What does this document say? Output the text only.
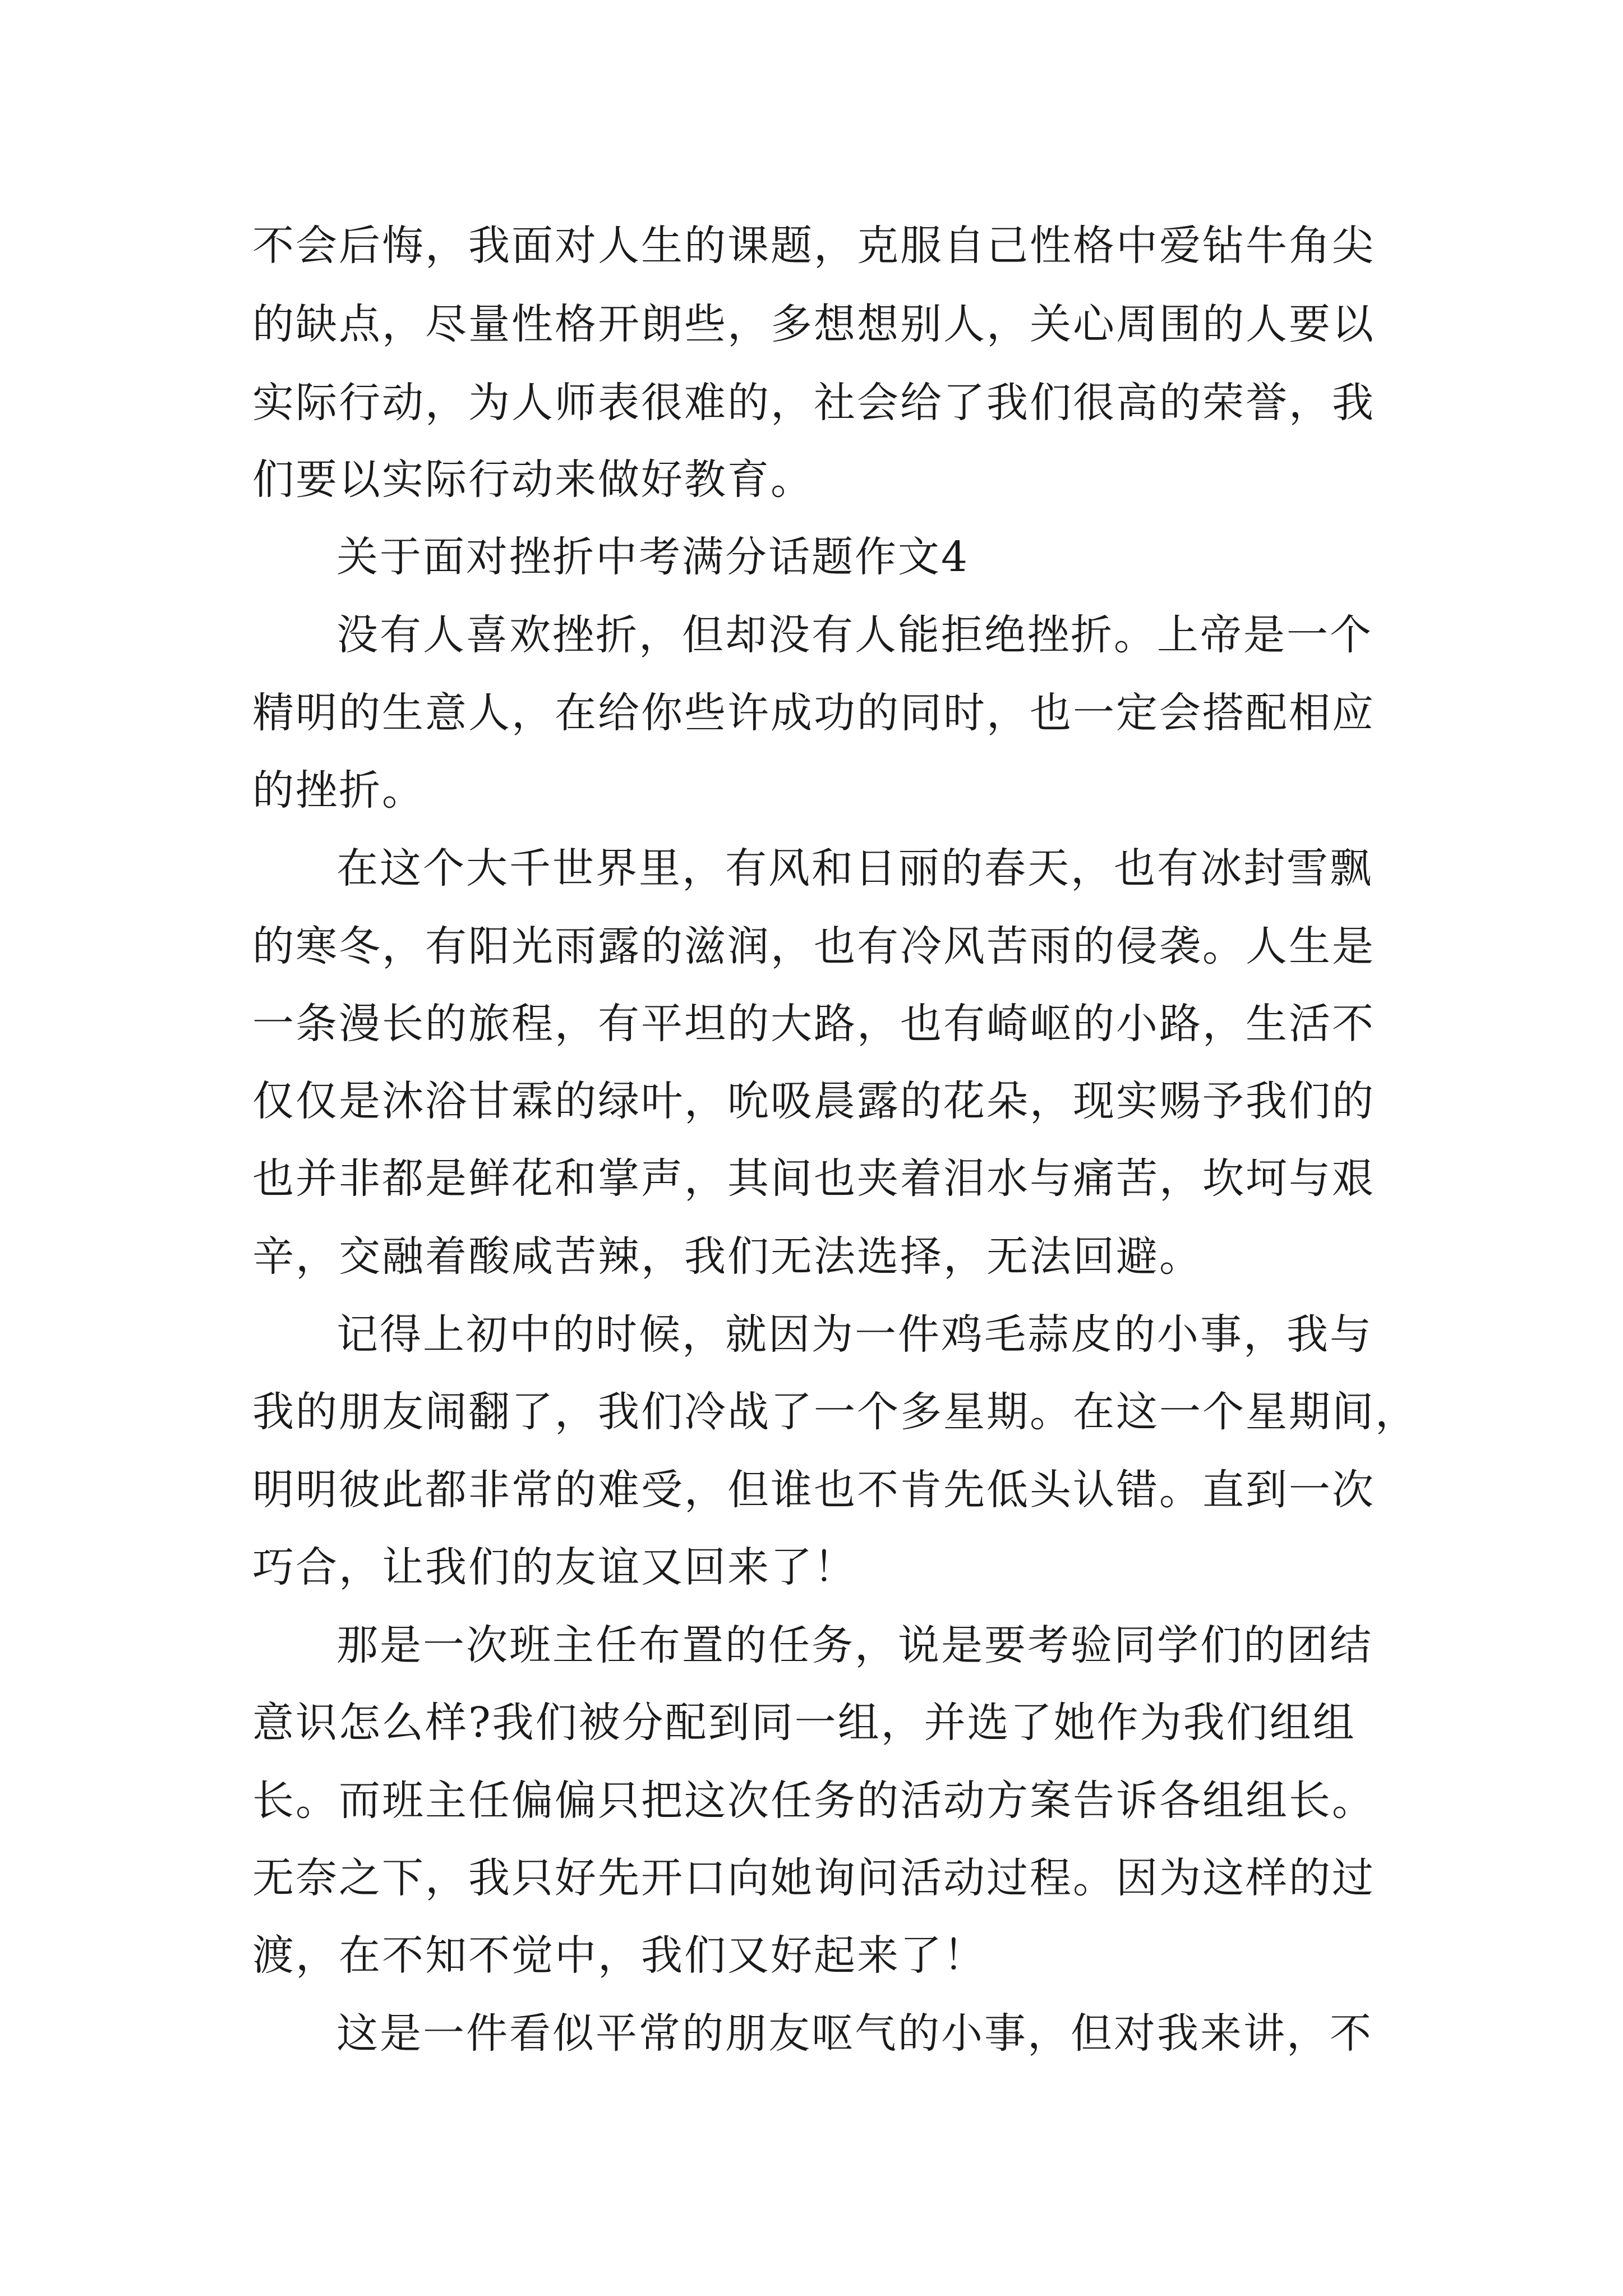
不会后悔，我面对人生的课题，克服自己性格中爱钻牛角尖
的缺点，尽量性格开朗些，多想想别人，关心周围的人要以
实际行动，为人师表很难的，社会给了我们很高的荣誉，我
们要以实际行动来做好教育。
关于面对挫折中考满分话题作文4
没有人喜欢挫折，但却没有人能拒绝挫折。上帝是一个
精明的生意人，在给你些许成功的同时，也一定会搭配相应
的挫折。
在这个大千世界里，有风和日丽的春天，也有冰封雪飘
的寒冬，有阳光雨露的滋润，也有冷风苦雨的侵袭。人生是
一条漫长的旅程，有平坦的大路，也有崎岖的小路，生活不
仅仅是沐浴甘霖的绿叶，吮吸晨露的花朵，现实赐予我们的
也并非都是鲜花和掌声，其间也夹着泪水与痛苦，坎坷与艰
辛，交融着酸咸苦辣，我们无法选择，无法回避。
记得上初中的时候，就因为一件鸡毛蒜皮的小事，我与
我的朋友闹翻了，我们冷战了一个多星期。在这一个星期间，
明明彼此都非常的难受，但谁也不肯先低头认错。直到一次
巧合，让我们的友谊又回来了！
那是一次班主任布置的任务，说是要考验同学们的团结
意识怎么样?我们被分配到同一组，并选了她作为我们组组
长。而班主任偏偏只把这次任务的活动方案告诉各组组长。
无奈之下，我只好先开口向她询问活动过程。因为这样的过
渡，在不知不觉中，我们又好起来了！
这是一件看似平常的朋友呕气的小事，但对我来讲，不
